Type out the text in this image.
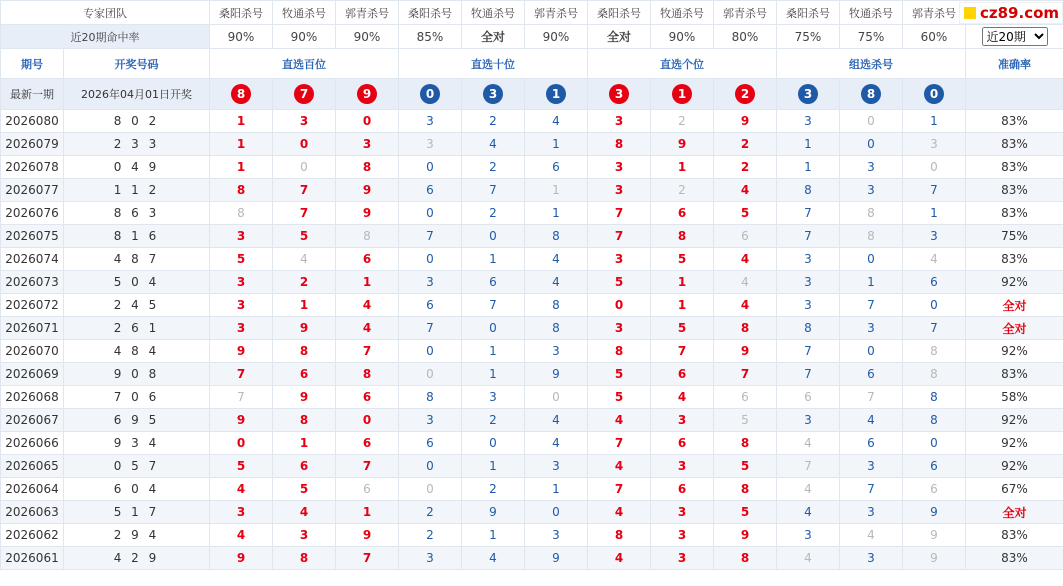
专家团队		桑阳杀号	牧通杀号	郭青杀号	桑阳杀号	牧通杀号	郭青杀号	桑阳杀号	牧通杀号	郭青杀号	桑阳杀号	牧通杀号	郭青杀号	
近20期命中率		90%	90%	90%	85%	全对	90%	全对	90%	80%	75%	75%	60%	
近20期
期号	开奖号码	直选百位			直选十位			直选个位			组选杀号			准确率
最新一期	2026年04月01日开奖	8	7	9	0	3	1	3	1	2	3	8	0	
2026080	8 0 2	1	3	0	3	2	4	3	2	9	3	0	1	83%
2026079	2 3 3	1	0	3	3	4	1	8	9	2	1	0	3	83%
2026078	0 4 9	1	0	8	0	2	6	3	1	2	1	3	0	83%
2026077	1 1 2	8	7	9	6	7	1	3	2	4	8	3	7	83%
2026076	8 6 3	8	7	9	0	2	1	7	6	5	7	8	1	83%
2026075	8 1 6	3	5	8	7	0	8	7	8	6	7	8	3	75%
2026074	4 8 7	5	4	6	0	1	4	3	5	4	3	0	4	83%
2026073	5 0 4	3	2	1	3	6	4	5	1	4	3	1	6	92%
2026072	2 4 5	3	1	4	6	7	8	0	1	4	3	7	0	全对
2026071	2 6 1	3	9	4	7	0	8	3	5	8	8	3	7	全对
2026070	4 8 4	9	8	7	0	1	3	8	7	9	7	0	8	92%
2026069	9 0 8	7	6	8	0	1	9	5	6	7	7	6	8	83%
2026068	7 0 6	7	9	6	8	3	0	5	4	6	6	7	8	58%
2026067	6 9 5	9	8	0	3	2	4	4	3	5	3	4	8	92%
2026066	9 3 4	0	1	6	6	0	4	7	6	8	4	6	0	92%
2026065	0 5 7	5	6	7	0	1	3	4	3	5	7	3	6	92%
2026064	6 0 4	4	5	6	0	2	1	7	6	8	4	7	6	67%
2026063	5 1 7	3	4	1	2	9	0	4	3	5	4	3	9	全对
2026062	2 9 4	4	3	9	2	1	3	8	3	9	3	4	9	83%
2026061	4 2 9	9	8	7	3	4	9	4	3	8	4	3	9	83%
cz89.com
